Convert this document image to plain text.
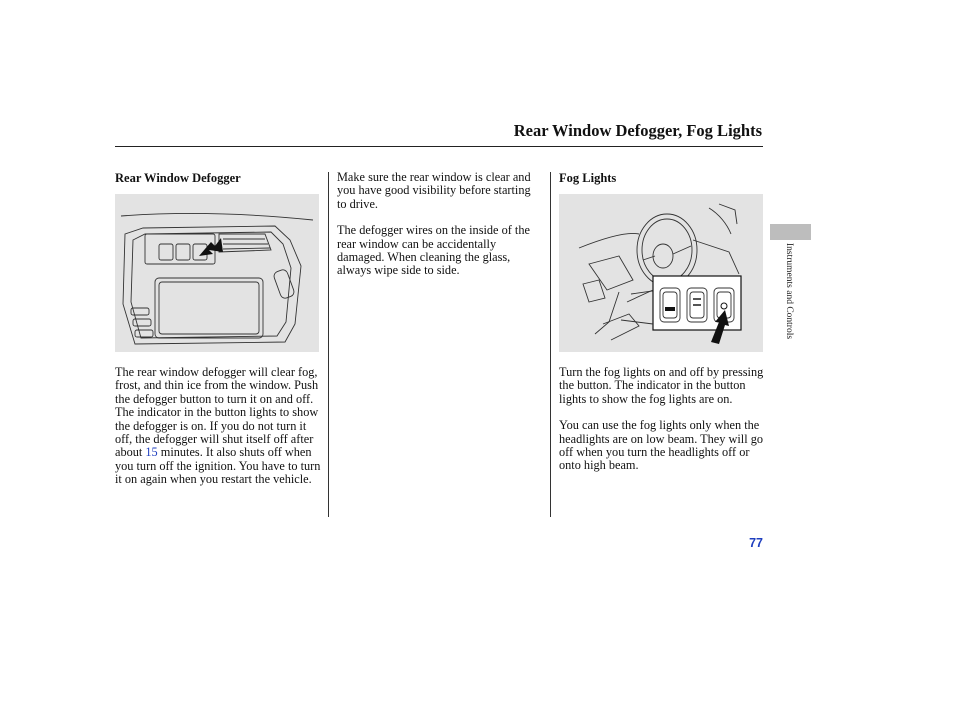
Rear Window Defogger, Fog Lights
Rear Window Defogger

The rear window defogger will clear fog, frost, and thin ice from the window. Push the defogger button to turn it on and off. The indicator in the button lights to show the defogger is on. If you do not turn it off, the defogger will shut itself off after about 15 minutes. It also shuts off when you turn off the ignition. You have to turn it on again when you restart the vehicle.

Make sure the rear window is clear and you have good visibility before starting to drive.

The defogger wires on the inside of the rear window can be accidentally damaged. When cleaning the glass, always wipe side to side.

Fog Lights

Turn the fog lights on and off by pressing the button. The indicator in the button lights to show the fog lights are on.

You can use the fog lights only when the headlights are on low beam. They will go off when you turn the headlights off or onto high beam.

Instruments and Controls
77
